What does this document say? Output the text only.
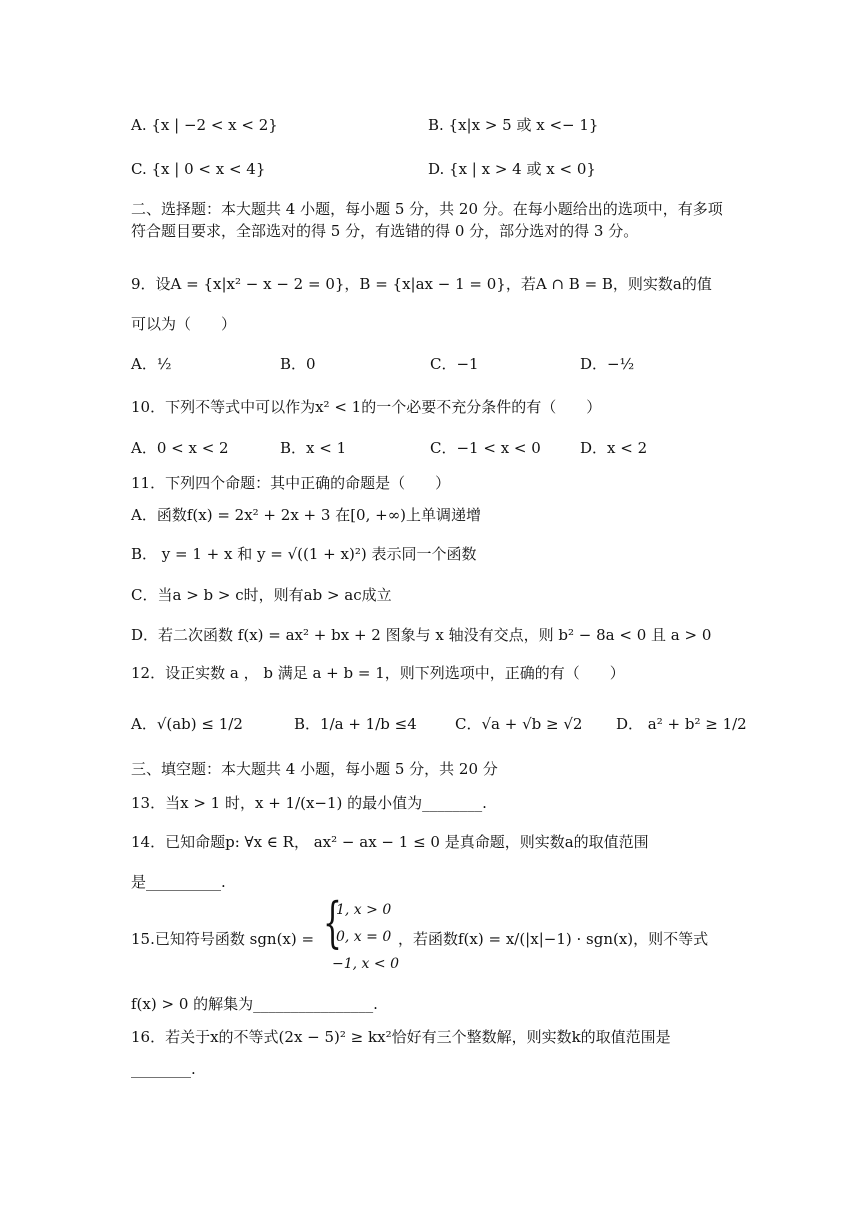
A. {x | −2 < x < 2}	B. {x|x > 5 或 x <− 1}
C. {x | 0 < x < 4}	D. {x | x > 4 或 x < 0}
二、选择题：本大题共 4 小题，每小题 5 分，共 20 分。在每小题给出的选项中，有多项符合题目要求，全部选对的得 5 分，有选错的得 0 分，部分选对的得 3 分。
9．设A = {x|x² − x − 2 = 0}，B = {x|ax − 1 = 0}，若A ∩ B = B，则实数a的值
可以为（　　）
A．½	B．0	C．−1	D．−½
10．下列不等式中可以作为x² < 1的一个必要不充分条件的有（　　）
A．0 < x < 2	B．x < 1	C．−1 < x < 0	D．x < 2
11．下列四个命题：其中正确的命题是（　　）
A．函数f(x) = 2x² + 2x + 3 在[0, +∞)上单调递增
B． y = 1 + x 和 y = √((1 + x)²) 表示同一个函数
C．当a > b > c时，则有ab > ac成立
D．若二次函数 f(x) = ax² + bx + 2 图象与 x 轴没有交点，则 b² − 8a < 0 且 a > 0
12．设正实数 a ， b 满足 a + b = 1，则下列选项中，正确的有（　　）
A．√(ab) ≤ 1/2	B．1/a + 1/b ≤4	C．√a + √b ≥ √2 D． a² + b² ≥ 1/2
三、填空题：本大题共 4 小题，每小题 5 分，共 20 分
13．当x > 1 时，x + 1/(x−1) 的最小值为________.
14．已知命题p: ∀x ∈ R， ax² − ax − 1 ≤ 0 是真命题，则实数a的取值范围
是__________.
15.已知符号函数 sgn(x) = {
1, x > 0
0, x = 0
−1, x < 0
，若函数f(x) = x/(|x|−1) · sgn(x)，则不等式
f(x) > 0 的解集为________________.
16．若关于x的不等式(2x − 5)² ≥ kx²恰好有三个整数解，则实数k的取值范围是
________.
